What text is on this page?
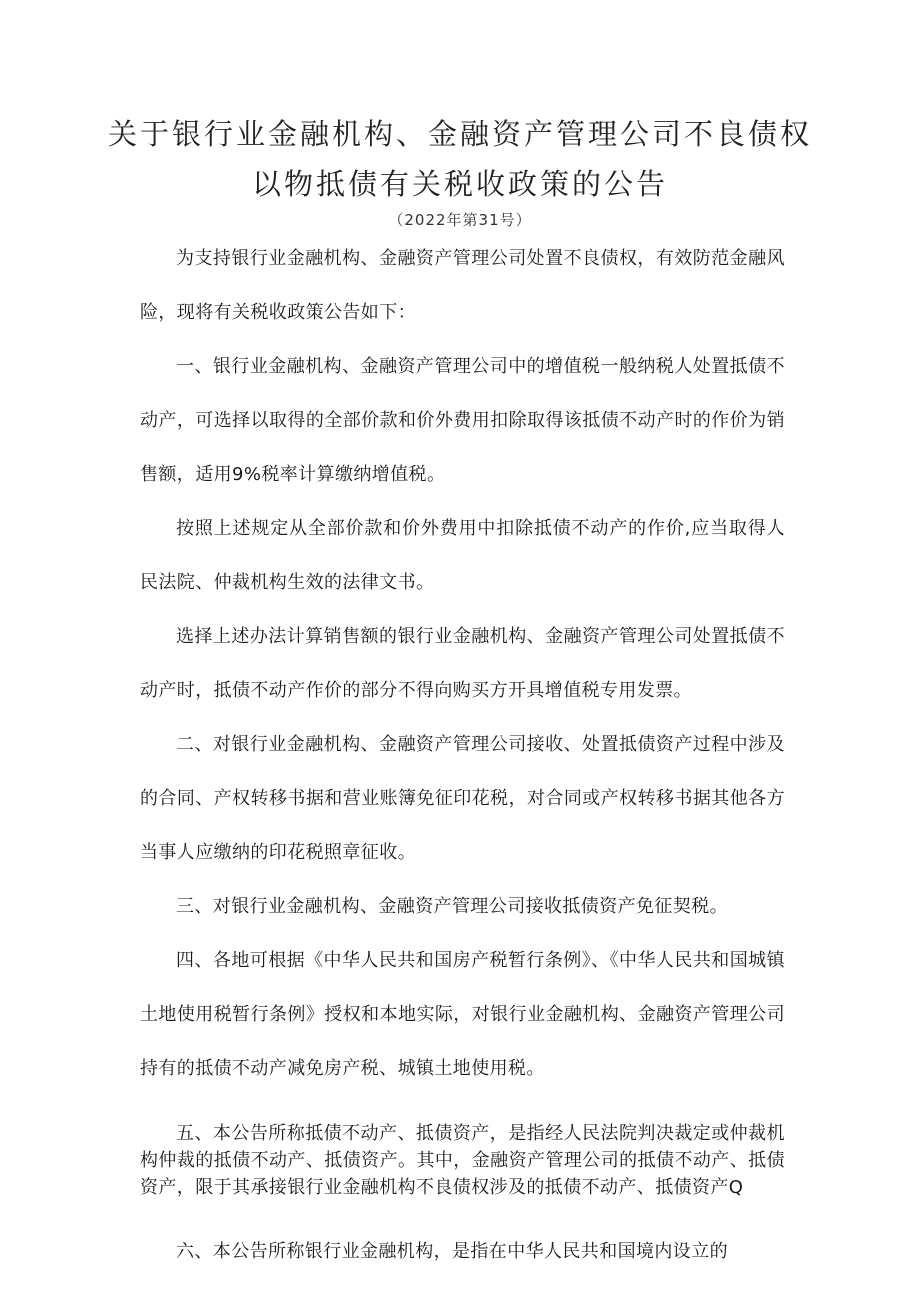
关于银行业金融机构、金融资产管理公司不良债权
以物抵债有关税收政策的公告
（2022年第31号）

为支持银行业金融机构、金融资产管理公司处置不良债权，有效防范金融风险，现将有关税收政策公告如下：

一、银行业金融机构、金融资产管理公司中的增值税一般纳税人处置抵债不动产，可选择以取得的全部价款和价外费用扣除取得该抵债不动产时的作价为销售额，适用9%税率计算缴纳增值税。

按照上述规定从全部价款和价外费用中扣除抵债不动产的作价,应当取得人民法院、仲裁机构生效的法律文书。

选择上述办法计算销售额的银行业金融机构、金融资产管理公司处置抵债不动产时，抵债不动产作价的部分不得向购买方开具增值税专用发票。

二、对银行业金融机构、金融资产管理公司接收、处置抵债资产过程中涉及的合同、产权转移书据和营业账簿免征印花税，对合同或产权转移书据其他各方当事人应缴纳的印花税照章征收。

三、对银行业金融机构、金融资产管理公司接收抵债资产免征契税。

四、各地可根据《中华人民共和国房产税暂行条例》、《中华人民共和国城镇土地使用税暂行条例》授权和本地实际，对银行业金融机构、金融资产管理公司持有的抵债不动产减免房产税、城镇土地使用税。

五、本公告所称抵债不动产、抵债资产，是指经人民法院判决裁定或仲裁机构仲裁的抵债不动产、抵债资产。其中，金融资产管理公司的抵债不动产、抵债资产，限于其承接银行业金融机构不良债权涉及的抵债不动产、抵债资产Q

六、本公告所称银行业金融机构，是指在中华人民共和国境内设立的
